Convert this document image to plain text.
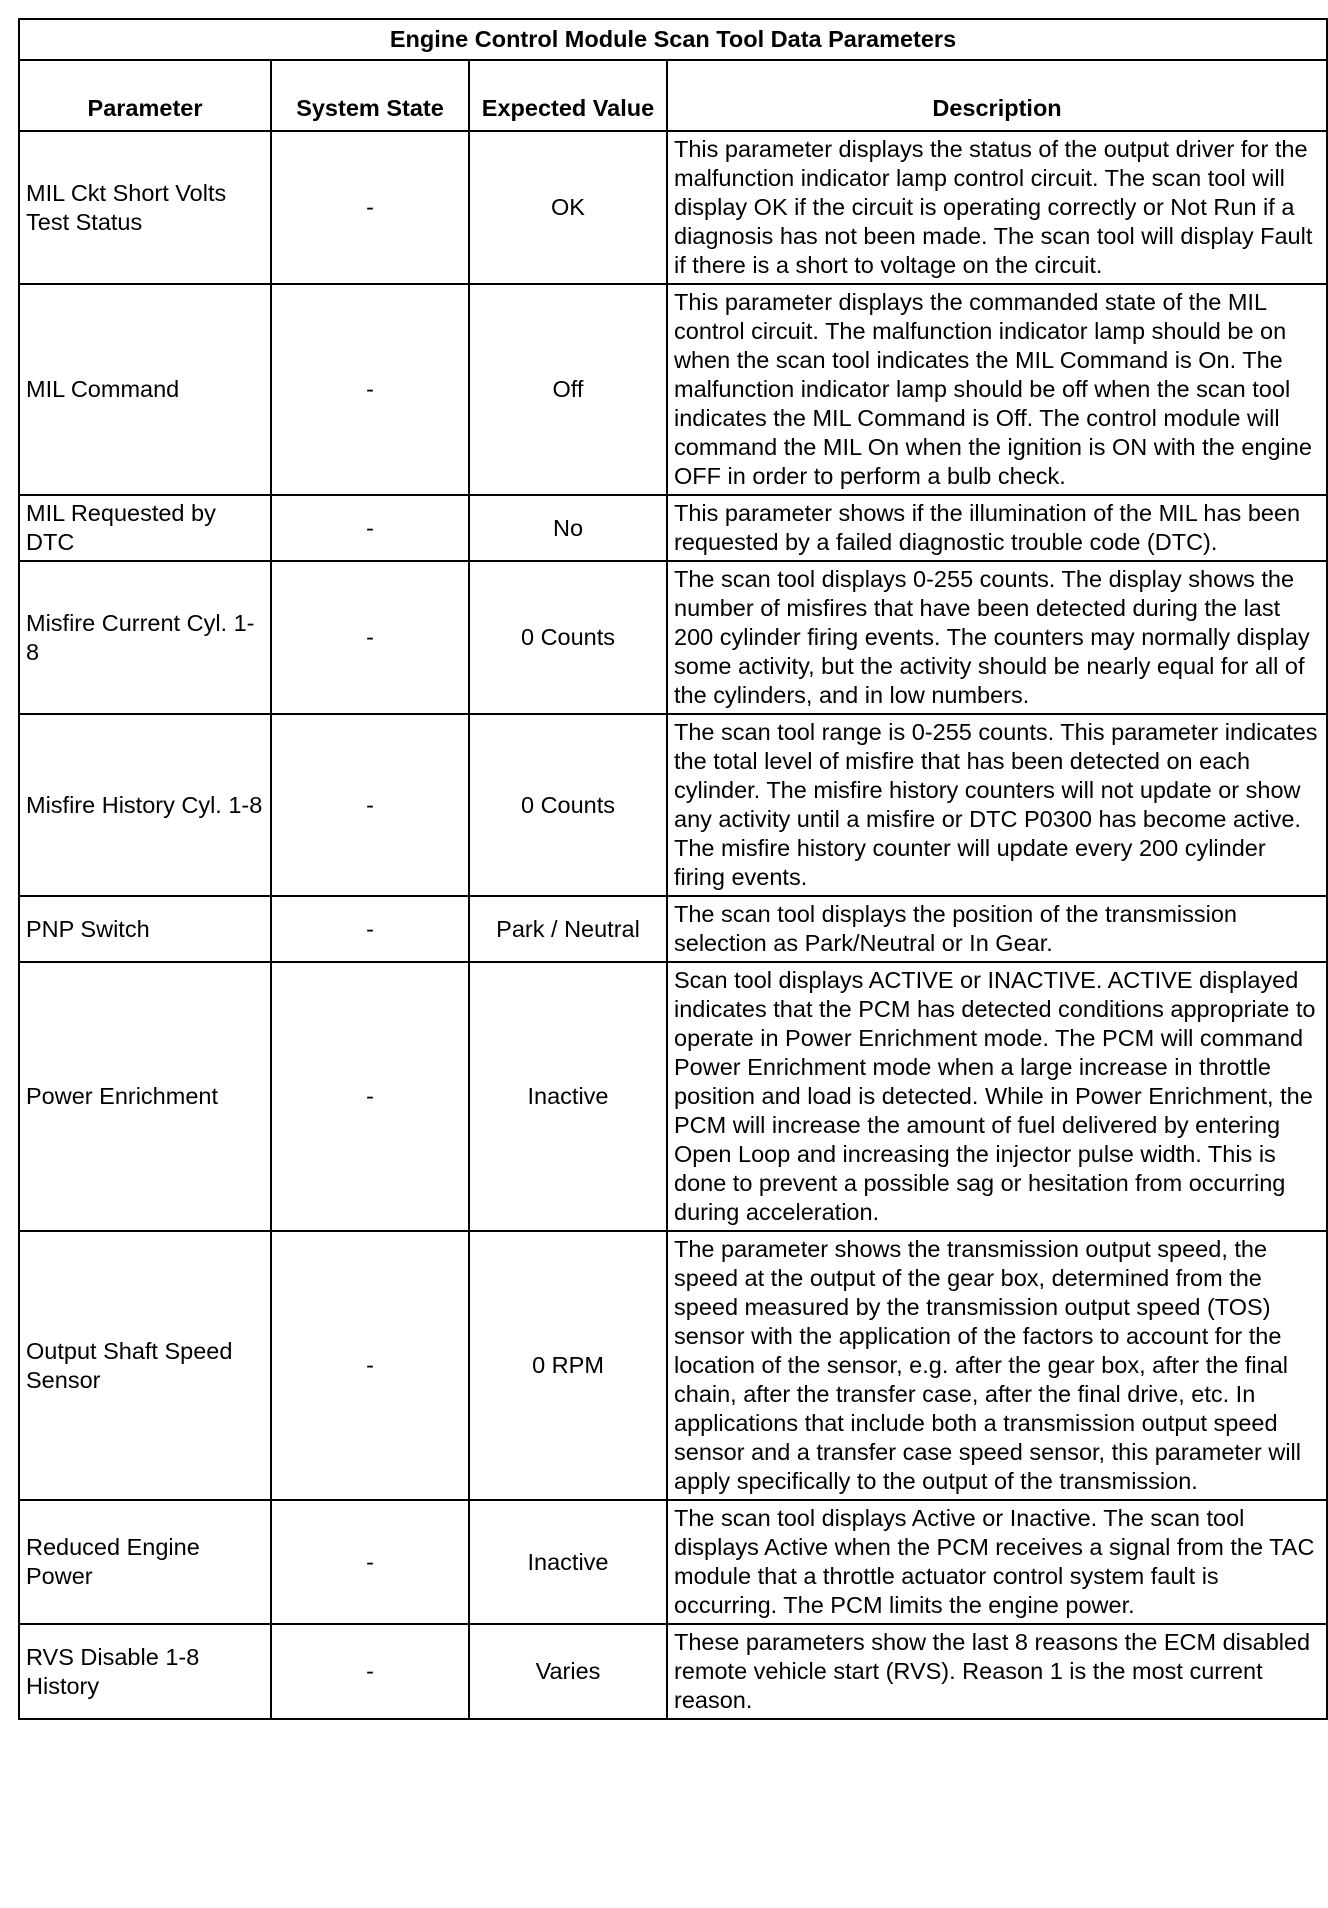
Engine Control Module Scan Tool Data Parameters			
Parameter	System State	Expected Value	Description
MIL Ckt Short Volts Test Status	-	OK	This parameter displays the status of the output driver for the malfunction indicator lamp control circuit. The scan tool will display OK if the circuit is operating correctly or Not Run if a diagnosis has not been made. The scan tool will display Fault if there is a short to voltage on the circuit.
MIL Command	-	Off	This parameter displays the commanded state of the MIL control circuit. The malfunction indicator lamp should be on when the scan tool indicates the MIL Command is On. The malfunction indicator lamp should be off when the scan tool indicates the MIL Command is Off. The control module will command the MIL On when the ignition is ON with the engine OFF in order to perform a bulb check.
MIL Requested by DTC	-	No	This parameter shows if the illumination of the MIL has been requested by a failed diagnostic trouble code (DTC).
Misfire Current Cyl. 1-8	-	0 Counts	The scan tool displays 0-255 counts. The display shows the number of misfires that have been detected during the last 200 cylinder firing events. The counters may normally display some activity, but the activity should be nearly equal for all of the cylinders, and in low numbers.
Misfire History Cyl. 1-8	-	0 Counts	The scan tool range is 0-255 counts. This parameter indicates the total level of misfire that has been detected on each cylinder. The misfire history counters will not update or show any activity until a misfire or DTC P0300 has become active. The misfire history counter will update every 200 cylinder firing events.
PNP Switch	-	Park / Neutral	The scan tool displays the position of the transmission selection as Park/Neutral or In Gear.
Power Enrichment	-	Inactive	Scan tool displays ACTIVE or INACTIVE. ACTIVE displayed indicates that the PCM has detected conditions appropriate to operate in Power Enrichment mode. The PCM will command Power Enrichment mode when a large increase in throttle position and load is detected. While in Power Enrichment, the PCM will increase the amount of fuel delivered by entering Open Loop and increasing the injector pulse width. This is done to prevent a possible sag or hesitation from occurring during acceleration.
Output Shaft Speed Sensor	-	0 RPM	The parameter shows the transmission output speed, the speed at the output of the gear box, determined from the speed measured by the transmission output speed (TOS) sensor with the application of the factors to account for the location of the sensor, e.g. after the gear box, after the final chain, after the transfer case, after the final drive, etc. In applications that include both a transmission output speed sensor and a transfer case speed sensor, this parameter will apply specifically to the output of the transmission.
Reduced Engine Power	-	Inactive	The scan tool displays Active or Inactive. The scan tool displays Active when the PCM receives a signal from the TAC module that a throttle actuator control system fault is occurring. The PCM limits the engine power.
RVS Disable 1-8 History	-	Varies	These parameters show the last 8 reasons the ECM disabled remote vehicle start (RVS). Reason 1 is the most current reason.
